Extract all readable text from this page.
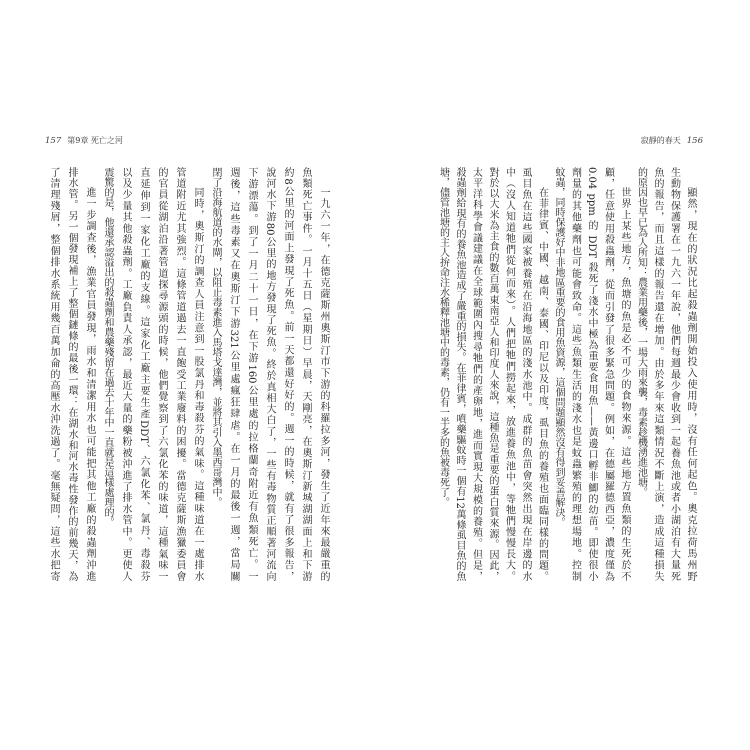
157 第9章 死亡之河	寂靜的春天 156

顯然，現在的狀況比起殺蟲劑開始投入使用時，沒有任何起色。奧克拉荷馬州野

生動物保護署在一九六一年說，他們每週最少會收到一起養魚池或者小湖泊有大量死

魚的報告，而且這樣的報告還在增加。由於多年來這類情況不斷上演，造成這種損失

的原因也早已為人所知：農業用藥後，一場大雨來襲，毒素趁機湧進池塘。

世界上某些地方，魚塘的魚是必不可少的食物來源。這些地方置魚類的生死於不

顧，任意使用殺蟲劑，從而引發了很多緊急問題。例如，在德屬羅德西亞，濃度僅為

0.04 ppm 的 DDT 殺死了淺水中極為重要食用魚——黃邊口孵非鯽的幼苗。即使很小

劑量的其他藥劑也可能會致命。這些魚類生活的淺水也是蚊蟲繁殖的理想場地。控制

蚊蟲，同時保護好中非地區重要的食用魚資源，這個問題顯然沒有得到妥善解決。

在菲律賓、中國、越南、泰國、印尼以及印度，虱目魚的養殖也面臨同樣的問題。

虱目魚在這些國家被養殖在沿海地區的淺水池中。成群的魚苗會突然出現在岸邊的水

中（沒人知道牠們從何而來）。人們把牠們撈起來，放進養魚池中，等牠們慢慢長大。

對於以大米為主食的數百萬東南亞人和印度人來說，這種魚是重要的蛋白質來源。因此，

太平洋科學會議建議在全球範圍內搜尋牠們的產卵地，進而實現大規模的養殖。但是，

殺蟲劑給現有的養魚池造成了嚴重的損失。在菲律賓，噴藥驅蚊時一個有12萬條虱目魚的魚

塘，儘管池塘的主人拚命注水稀釋池塘中的毒素，仍有一半多的魚被毒死了。

一九六一年，在德克薩斯州奧斯汀市下游的科羅拉多河，發生了近年來最嚴重的

魚類死亡事件。一月十五日（星期日）早晨，天剛亮，在奧斯汀新城湖湖面上和下游

約8公里的河面上發現了死魚。前一天都還好好的。週一的時候，就有了很多報告，

說河水下游80公里的地方發現了死魚。終於真相大白了，一些有毒物質正順著河流向

下游漂蕩。到了一月二十一日，在下游160公里處的拉格蘭奇附近有魚類死亡。一

週後，這些毒素又在奧斯汀下游321公里處瘋狂肆虐。在一月的最後一週，當局關

閉了沿海航道的水閘，以阻止毒素進入馬塔戈達灣，並將其引入墨西哥灣中。

同時，奧斯汀的調查人員注意到一股氯丹和毒殺芬的氣味。這種味道在一處排水

管道附近尤其強烈。這條管道過去一直飽受工業廢料的困擾。當德克薩斯漁獵委員會

的官員從湖泊沿著管道探尋源頭的時候，他們覺察到了六氯化苯的味道，這種氣味一

直延伸到一家化工廠的支線。這家化工廠主要生產DDT、六氯化苯、氯丹、毒殺芬

以及少量其他殺蟲劑。工廠負責人承認，最近大量的藥粉被沖進了排水管中。更使人

震驚的是，他還承認溢出的殺蟲劑和農藥殘留在過去十年中一直就是這樣處理的。

進一步調查後，漁業官員發現，雨水和清潔用水也可能把其他工廠的殺蟲劑沖進

排水管。另一個發現補上了整個鏈條的最後一環：在湖水和河水毒性發作的前幾天，為

了清理殘屑，整個排水系統用幾百萬加侖的高壓水沖洗過了。毫無疑問，這些水把寄
